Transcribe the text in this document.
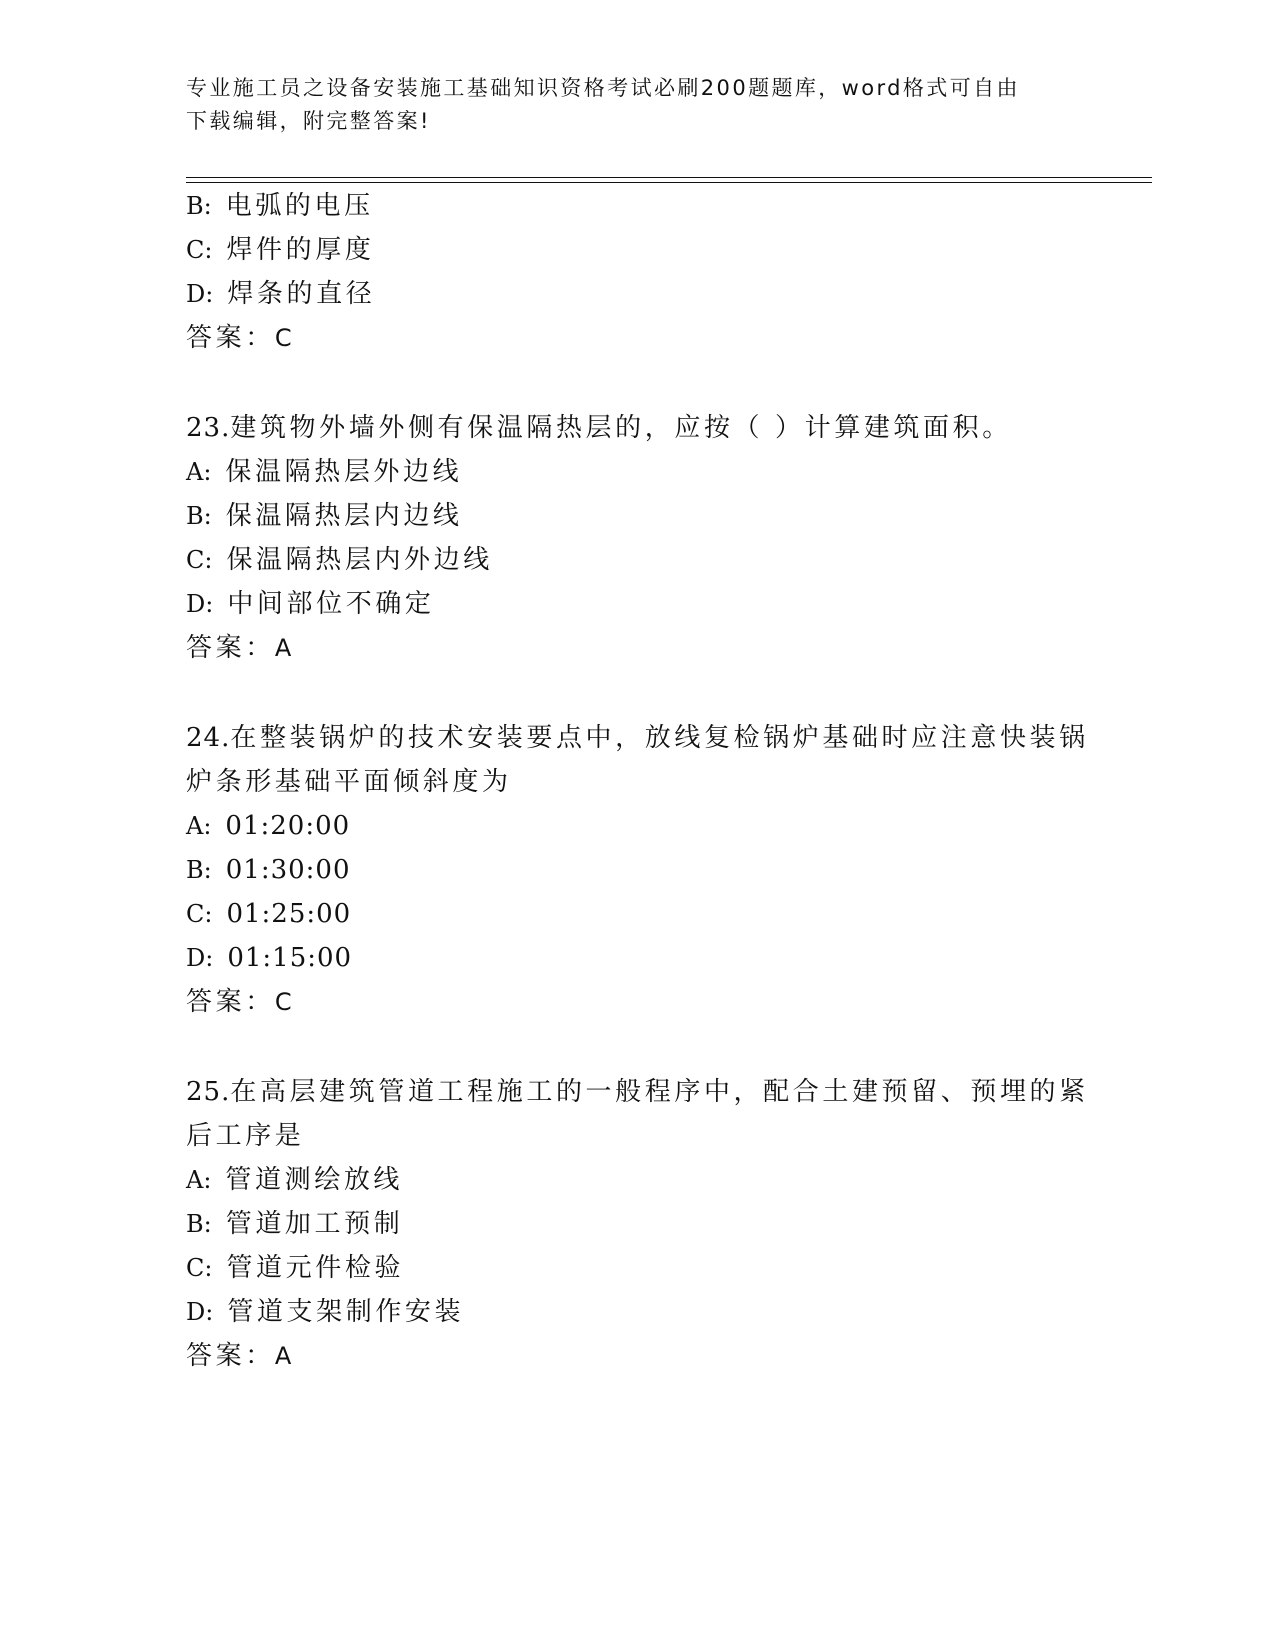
专业施工员之设备安装施工基础知识资格考试必刷200题题库，word格式可自由
下载编辑，附完整答案!
B: 电弧的电压
C: 焊件的厚度
D: 焊条的直径
答案：C
23.建筑物外墙外侧有保温隔热层的，应按（ ）计算建筑面积。
A: 保温隔热层外边线
B: 保温隔热层内边线
C: 保温隔热层内外边线
D: 中间部位不确定
答案：A
24.在整装锅炉的技术安装要点中，放线复检锅炉基础时应注意快装锅
炉条形基础平面倾斜度为
A: 01:20:00
B: 01:30:00
C: 01:25:00
D: 01:15:00
答案：C
25.在高层建筑管道工程施工的一般程序中，配合土建预留、预埋的紧
后工序是
A: 管道测绘放线
B: 管道加工预制
C: 管道元件检验
D: 管道支架制作安装
答案：A
